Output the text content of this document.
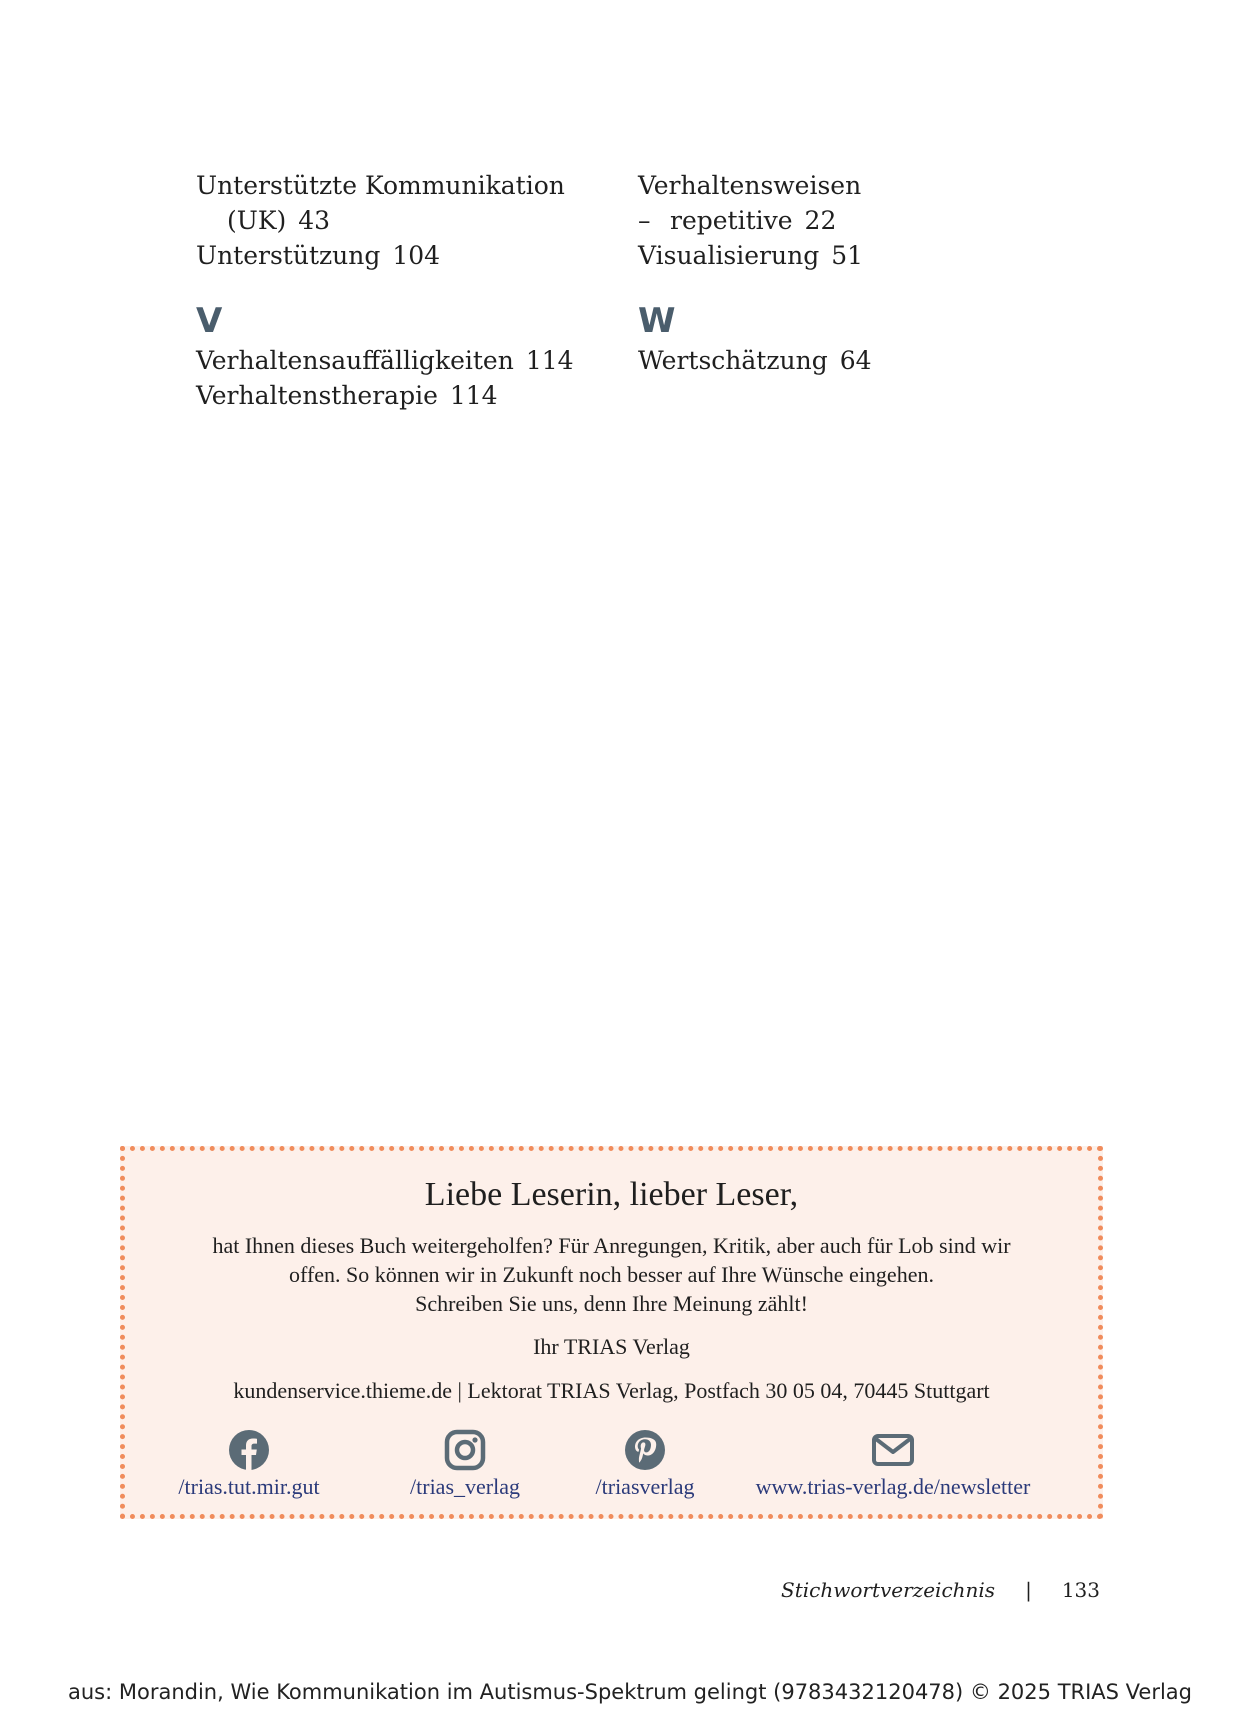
Unterstützte Kommunikation
(UK) 43
Unterstützung 104
V
Verhaltensauffälligkeiten 114
Verhaltenstherapie 114
Verhaltensweisen
– repetitive 22
Visualisierung 51
W
Wertschätzung 64
Liebe Leserin, lieber Leser,

hat Ihnen dieses Buch weitergeholfen? Für Anregungen, Kritik, aber auch für Lob sind wir

offen. So können wir in Zukunft noch besser auf Ihre Wünsche eingehen.

Schreiben Sie uns, denn Ihre Meinung zählt!

Ihr TRIAS Verlag
kundenservice.thieme.de | Lektorat TRIAS Verlag, Postfach 30 05 04, 70445 Stuttgart
/trias.tut.mir.gut	/trias_verlag	/triasverlag	www.trias-verlag.de/newsletter
Stichwortverzeichnis | 133
aus: Morandin, Wie Kommunikation im Autismus-Spektrum gelingt (9783432120478) © 2025 TRIAS Verlag
